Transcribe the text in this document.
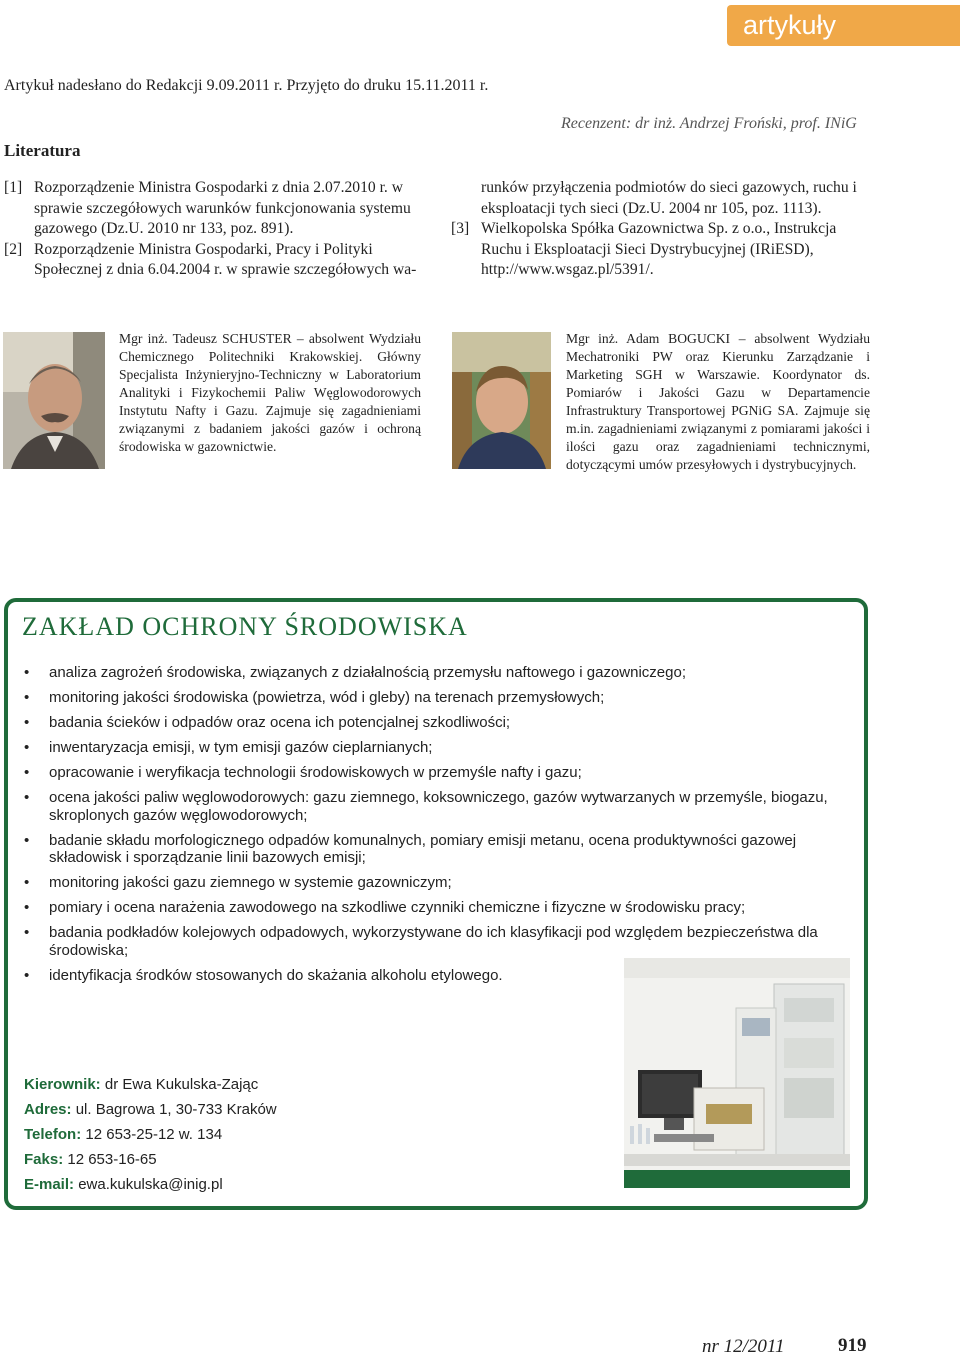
artykuły
Artykuł nadesłano do Redakcji 9.09.2011 r. Przyjęto do druku 15.11.2011 r.
Recenzent: dr inż. Andrzej Froński, prof. INiG
Literatura
[1] Rozporządzenie Ministra Gospodarki z dnia 2.07.2010 r. w sprawie szczegółowych warunków funkcjonowania systemu gazowego (Dz.U. 2010 nr 133, poz. 891).
[2] Rozporządzenie Ministra Gospodarki, Pracy i Polityki Społecznej z dnia 6.04.2004 r. w sprawie szczegółowych wa-
runków przyłączenia podmiotów do sieci gazowych, ruchu i eksploatacji tych sieci (Dz.U. 2004 nr 105, poz. 1113).
[3] Wielkopolska Spółka Gazownictwa Sp. z o.o., Instrukcja Ruchu i Eksploatacji Sieci Dystrybucyjnej (IRiESD), http://www.wsgaz.pl/5391/.
Mgr inż. Tadeusz SCHUSTER – absolwent Wydziału Chemicznego Politechniki Krakowskiej. Główny Specjalista Inżynieryjno-Techniczny w Laboratorium Analityki i Fizykochemii Paliw Węglowodorowych Instytutu Nafty i Gazu. Zajmuje się zagadnieniami związanymi z badaniem jakości gazów i ochroną środowiska w gazownictwie.
Mgr inż. Adam BOGUCKI – absolwent Wydziału Mechatroniki PW oraz Kierunku Zarządzanie i Marketing SGH w Warszawie. Koordynator ds. Pomiarów i Jakości Gazu w Departamencie Infrastruktury Transportowej PGNiG SA. Zajmuje się m.in. zagadnieniami związanymi z pomiarami jakości i ilości gazu oraz zagadnieniami technicznymi, dotyczącymi umów przesyłowych i dystrybucyjnych.
ZAKŁAD OCHRONY ŚRODOWISKA
• analiza zagrożeń środowiska, związanych z działalnością przemysłu naftowego i gazowniczego;
• monitoring jakości środowiska (powietrza, wód i gleby) na terenach przemysłowych;
• badania ścieków i odpadów oraz ocena ich potencjalnej szkodliwości;
• inwentaryzacja emisji, w tym emisji gazów cieplarnianych;
• opracowanie i weryfikacja technologii środowiskowych w przemyśle nafty i gazu;
• ocena jakości paliw węglowodorowych: gazu ziemnego, koksowniczego, gazów wytwarzanych w przemyśle, biogazu, skroplonych gazów węglowodorowych;
• badanie składu morfologicznego odpadów komunalnych, pomiary emisji metanu, ocena produktywności gazowej składowisk i sporządzanie linii bazowych emisji;
• monitoring jakości gazu ziemnego w systemie gazowniczym;
• pomiary i ocena narażenia zawodowego na szkodliwe czynniki chemiczne i fizyczne w środowisku pracy;
• badania podkładów kolejowych odpadowych, wykorzystywane do ich klasyfikacji pod względem bezpieczeństwa dla środowiska;
• identyfikacja środków stosowanych do skażania alkoholu etylowego.
Kierownik: dr Ewa Kukulska-Zając
Adres: ul. Bagrowa 1, 30-733 Kraków
Telefon: 12 653-25-12 w. 134
Faks: 12 653-16-65
E-mail: ewa.kukulska@inig.pl
nr 12/2011	919
